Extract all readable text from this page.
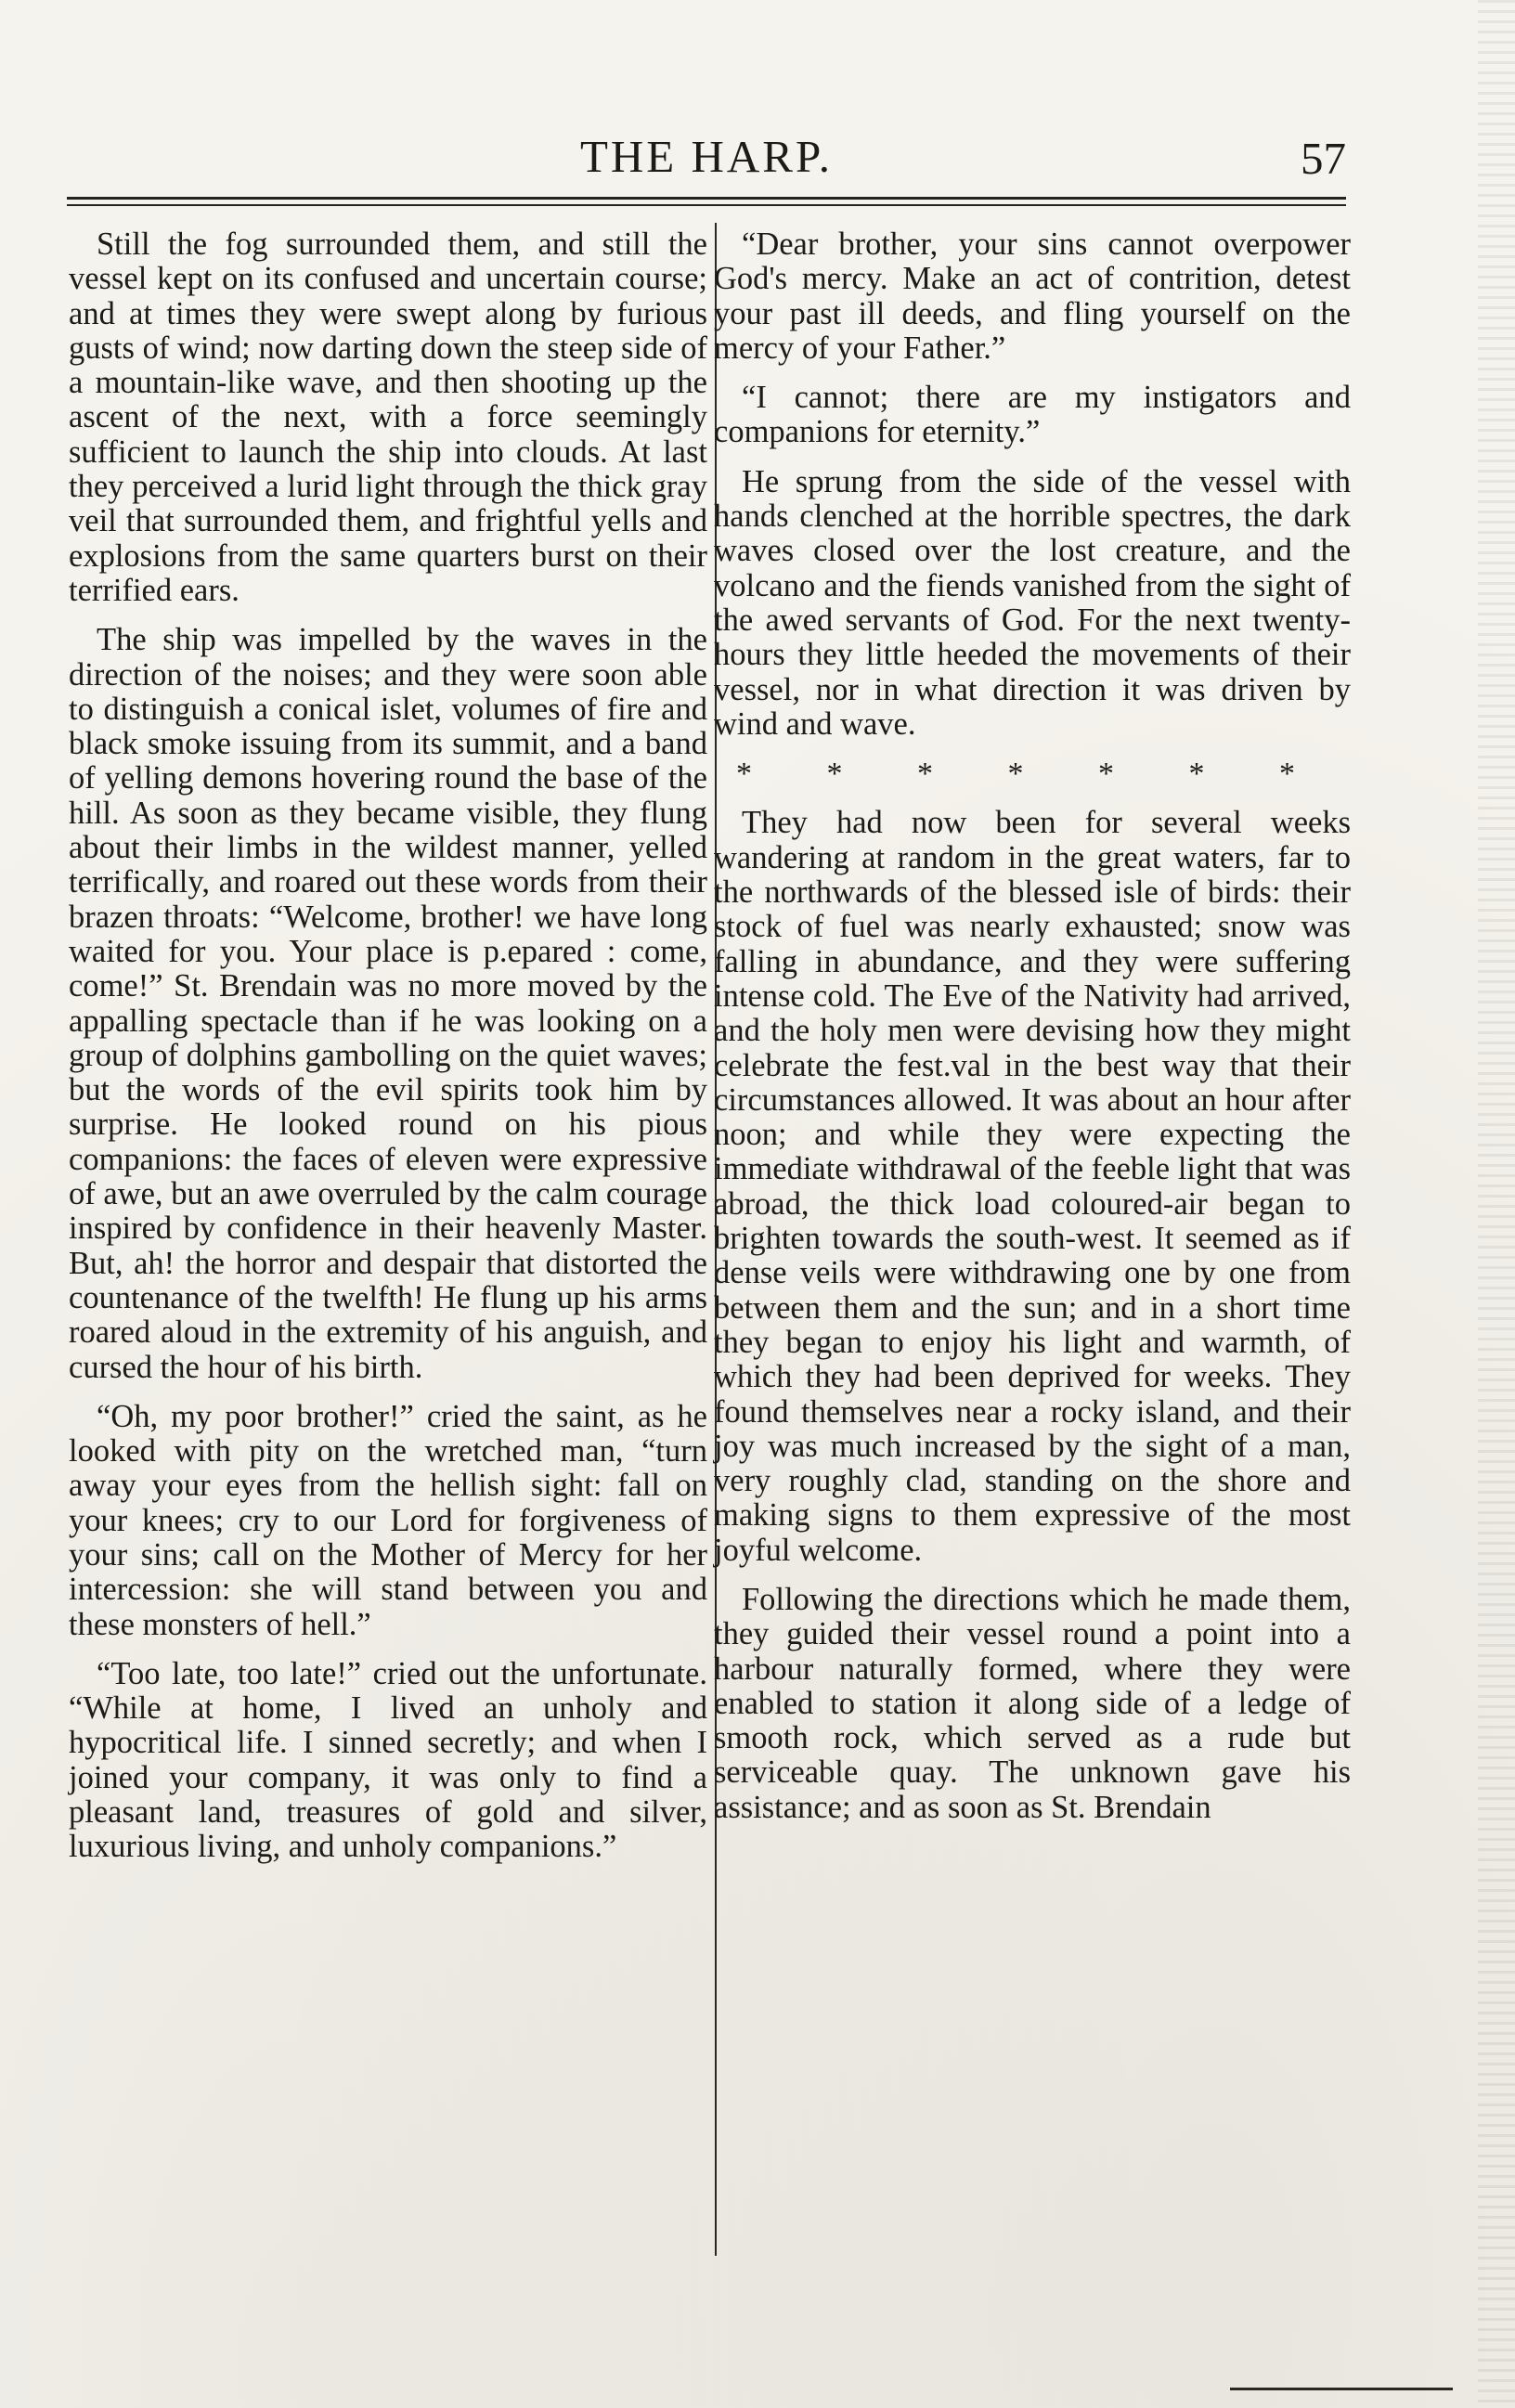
THE HARP.	57

Still the fog surrounded them, and still the vessel kept on its confused and uncertain course; and at times they were swept along by furious gusts of wind; now darting down the steep side of a mountain-like wave, and then shooting up the ascent of the next, with a force seemingly sufficient to launch the ship into clouds. At last they perceived a lurid light through the thick gray veil that surrounded them, and frightful yells and explosions from the same quarters burst on their terrified ears.

The ship was impelled by the waves in the direction of the noises; and they were soon able to distinguish a conical islet, volumes of fire and black smoke issuing from its summit, and a band of yelling demons hovering round the base of the hill. As soon as they became visible, they flung about their limbs in the wildest manner, yelled terrifically, and roared out these words from their brazen throats: “Welcome, brother! we have long waited for you. Your place is p.epared : come, come!” St. Brendain was no more moved by the appalling spectacle than if he was looking on a group of dolphins gambolling on the quiet waves; but the words of the evil spirits took him by surprise. He looked round on his pious companions: the faces of eleven were expressive of awe, but an awe overruled by the calm courage inspired by confidence in their heavenly Master. But, ah! the horror and despair that distorted the countenance of the twelfth! He flung up his arms roared aloud in the extremity of his anguish, and cursed the hour of his birth.

“Oh, my poor brother!” cried the saint, as he looked with pity on the wretched man, “turn away your eyes from the hellish sight: fall on your knees; cry to our Lord for forgiveness of your sins; call on the Mother of Mercy for her intercession: she will stand between you and these monsters of hell.”

“Too late, too late!” cried out the unfortunate. “While at home, I lived an unholy and hypocritical life. I sinned secretly; and when I joined your company, it was only to find a pleasant land, treasures of gold and silver, luxurious living, and unholy companions.”

“Dear brother, your sins cannot overpower God's mercy. Make an act of contrition, detest your past ill deeds, and fling yourself on the mercy of your Father.”

“I cannot; there are my instigators and companions for eternity.”

He sprung from the side of the vessel with hands clenched at the horrible spectres, the dark waves closed over the lost creature, and the volcano and the fiends vanished from the sight of the awed servants of God. For the next twenty-hours they little heeded the movements of their vessel, nor in what direction it was driven by wind and wave.

* * * * * * *

They had now been for several weeks wandering at random in the great waters, far to the northwards of the blessed isle of birds: their stock of fuel was nearly exhausted; snow was falling in abundance, and they were suffering intense cold. The Eve of the Nativity had arrived, and the holy men were devising how they might celebrate the fest.val in the best way that their circumstances allowed. It was about an hour after noon; and while they were expecting the immediate withdrawal of the feeble light that was abroad, the thick load coloured-air began to brighten towards the south-west. It seemed as if dense veils were withdrawing one by one from between them and the sun; and in a short time they began to enjoy his light and warmth, of which they had been deprived for weeks. They found themselves near a rocky island, and their joy was much increased by the sight of a man, very roughly clad, standing on the shore and making signs to them expressive of the most joyful welcome.

Following the directions which he made them, they guided their vessel round a point into a harbour naturally formed, where they were enabled to station it along side of a ledge of smooth rock, which served as a rude but serviceable quay. The unknown gave his assistance; and as soon as St. Brendain
